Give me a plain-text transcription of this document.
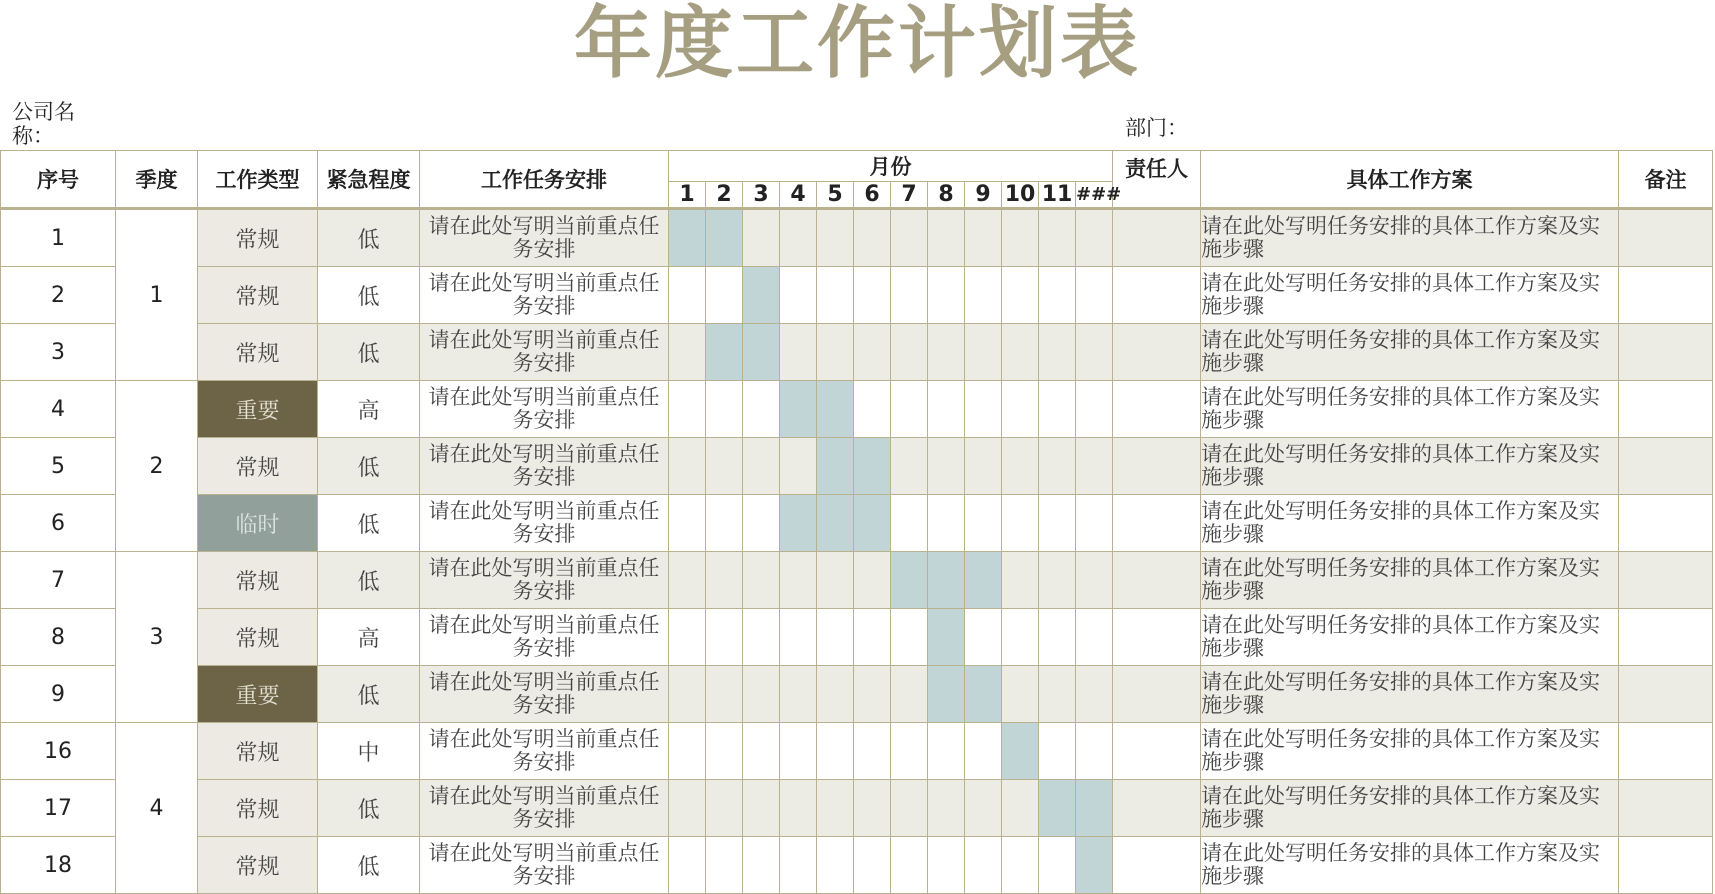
年度工作计划表
公司名称：	部门：
序号	季度	工作类型	紧急程度	工作任务安排	月份												责任人	具体工作方案	备注
					1	2	3	4	5	6	7	8	9	10	11	###			
1	1	常规	低	请在此处写明当前重点任务安排														请在此处写明任务安排的具体工作方案及实施步骤	
2		常规	低	请在此处写明当前重点任务安排														请在此处写明任务安排的具体工作方案及实施步骤	
3		常规	低	请在此处写明当前重点任务安排														请在此处写明任务安排的具体工作方案及实施步骤	
4	2	重要	高	请在此处写明当前重点任务安排														请在此处写明任务安排的具体工作方案及实施步骤	
5		常规	低	请在此处写明当前重点任务安排														请在此处写明任务安排的具体工作方案及实施步骤	
6		临时	低	请在此处写明当前重点任务安排														请在此处写明任务安排的具体工作方案及实施步骤	
7	3	常规	低	请在此处写明当前重点任务安排														请在此处写明任务安排的具体工作方案及实施步骤	
8		常规	高	请在此处写明当前重点任务安排														请在此处写明任务安排的具体工作方案及实施步骤	
9		重要	低	请在此处写明当前重点任务安排														请在此处写明任务安排的具体工作方案及实施步骤	
16	4	常规	中	请在此处写明当前重点任务安排														请在此处写明任务安排的具体工作方案及实施步骤	
17		常规	低	请在此处写明当前重点任务安排														请在此处写明任务安排的具体工作方案及实施步骤	
18		常规	低	请在此处写明当前重点任务安排														请在此处写明任务安排的具体工作方案及实施步骤	
